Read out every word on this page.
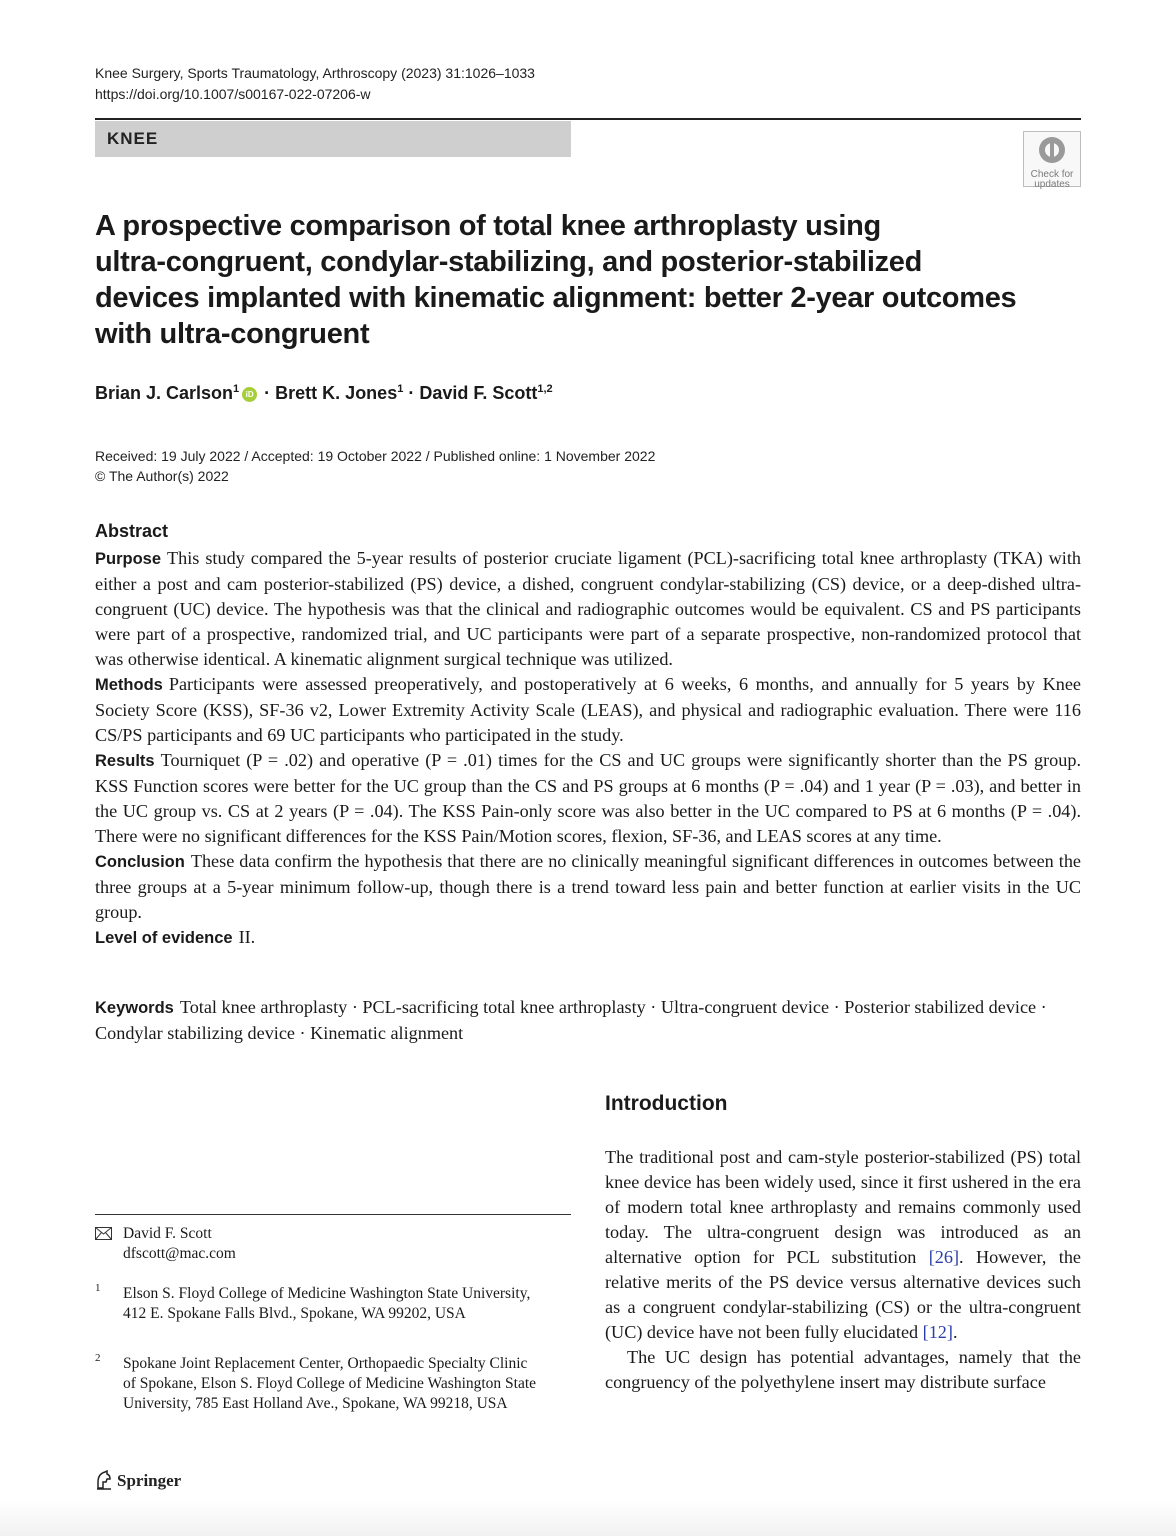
Knee Surgery, Sports Traumatology, Arthroscopy (2023) 31:1026–1033
https://doi.org/10.1007/s00167-022-07206-w
KNEE
Check for
updates
A prospective comparison of total knee arthroplasty using
ultra-congruent, condylar-stabilizing, and posterior-stabilized
devices implanted with kinematic alignment: better 2-year outcomes
with ultra-congruent
Brian J. Carlson$^1$ iD · Brett K. Jones$^1$ · David F. Scott$^{1,2}$
Received: 19 July 2022 / Accepted: 19 October 2022 / Published online: 1 November 2022
© The Author(s) 2022
Abstract

Purpose This study compared the 5-year results of posterior cruciate ligament (PCL)-sacrificing total knee arthroplasty (TKA) with either a post and cam posterior-stabilized (PS) device, a dished, congruent condylar-stabilizing (CS) device, or a deep-dished ultra-congruent (UC) device. The hypothesis was that the clinical and radiographic outcomes would be equivalent. CS and PS participants were part of a prospective, randomized trial, and UC participants were part of a separate prospective, non-randomized protocol that was otherwise identical. A kinematic alignment surgical technique was utilized.

Methods Participants were assessed preoperatively, and postoperatively at 6 weeks, 6 months, and annually for 5 years by Knee Society Score (KSS), SF-36 v2, Lower Extremity Activity Scale (LEAS), and physical and radiographic evaluation. There were 116 CS/PS participants and 69 UC participants who participated in the study.

Results Tourniquet (P = .02) and operative (P = .01) times for the CS and UC groups were significantly shorter than the PS group. KSS Function scores were better for the UC group than the CS and PS groups at 6 months (P = .04) and 1 year (P = .03), and better in the UC group vs. CS at 2 years (P = .04). The KSS Pain-only score was also better in the UC compared to PS at 6 months (P = .04). There were no significant differences for the KSS Pain/Motion scores, flexion, SF-36, and LEAS scores at any time.

Conclusion These data confirm the hypothesis that there are no clinically meaningful significant differences in outcomes between the three groups at a 5-year minimum follow-up, though there is a trend toward less pain and better function at earlier visits in the UC group.

Level of evidence II.

Keywords Total knee arthroplasty · PCL-sacrificing total knee arthroplasty · Ultra-congruent device · Posterior stabilized device · Condylar stabilizing device · Kinematic alignment
Introduction

The traditional post and cam-style posterior-stabilized (PS) total knee device has been widely used, since it first ushered in the era of modern total knee arthroplasty and remains commonly used today. The ultra-congruent design was introduced as an alternative option for PCL substitution [26]. However, the relative merits of the PS device versus alternative devices such as a congruent condylar-stabilizing (CS) or the ultra-congruent (UC) device have not been fully elucidated [12].

The UC design has potential advantages, namely that the congruency of the polyethylene insert may distribute surface

David F. Scott
dfscott@mac.com
1 Elson S. Floyd College of Medicine Washington State University, 412 E. Spokane Falls Blvd., Spokane, WA 99202, USA
2 Spokane Joint Replacement Center, Orthopaedic Specialty Clinic of Spokane, Elson S. Floyd College of Medicine Washington State University, 785 East Holland Ave., Spokane, WA 99218, USA
Springer
